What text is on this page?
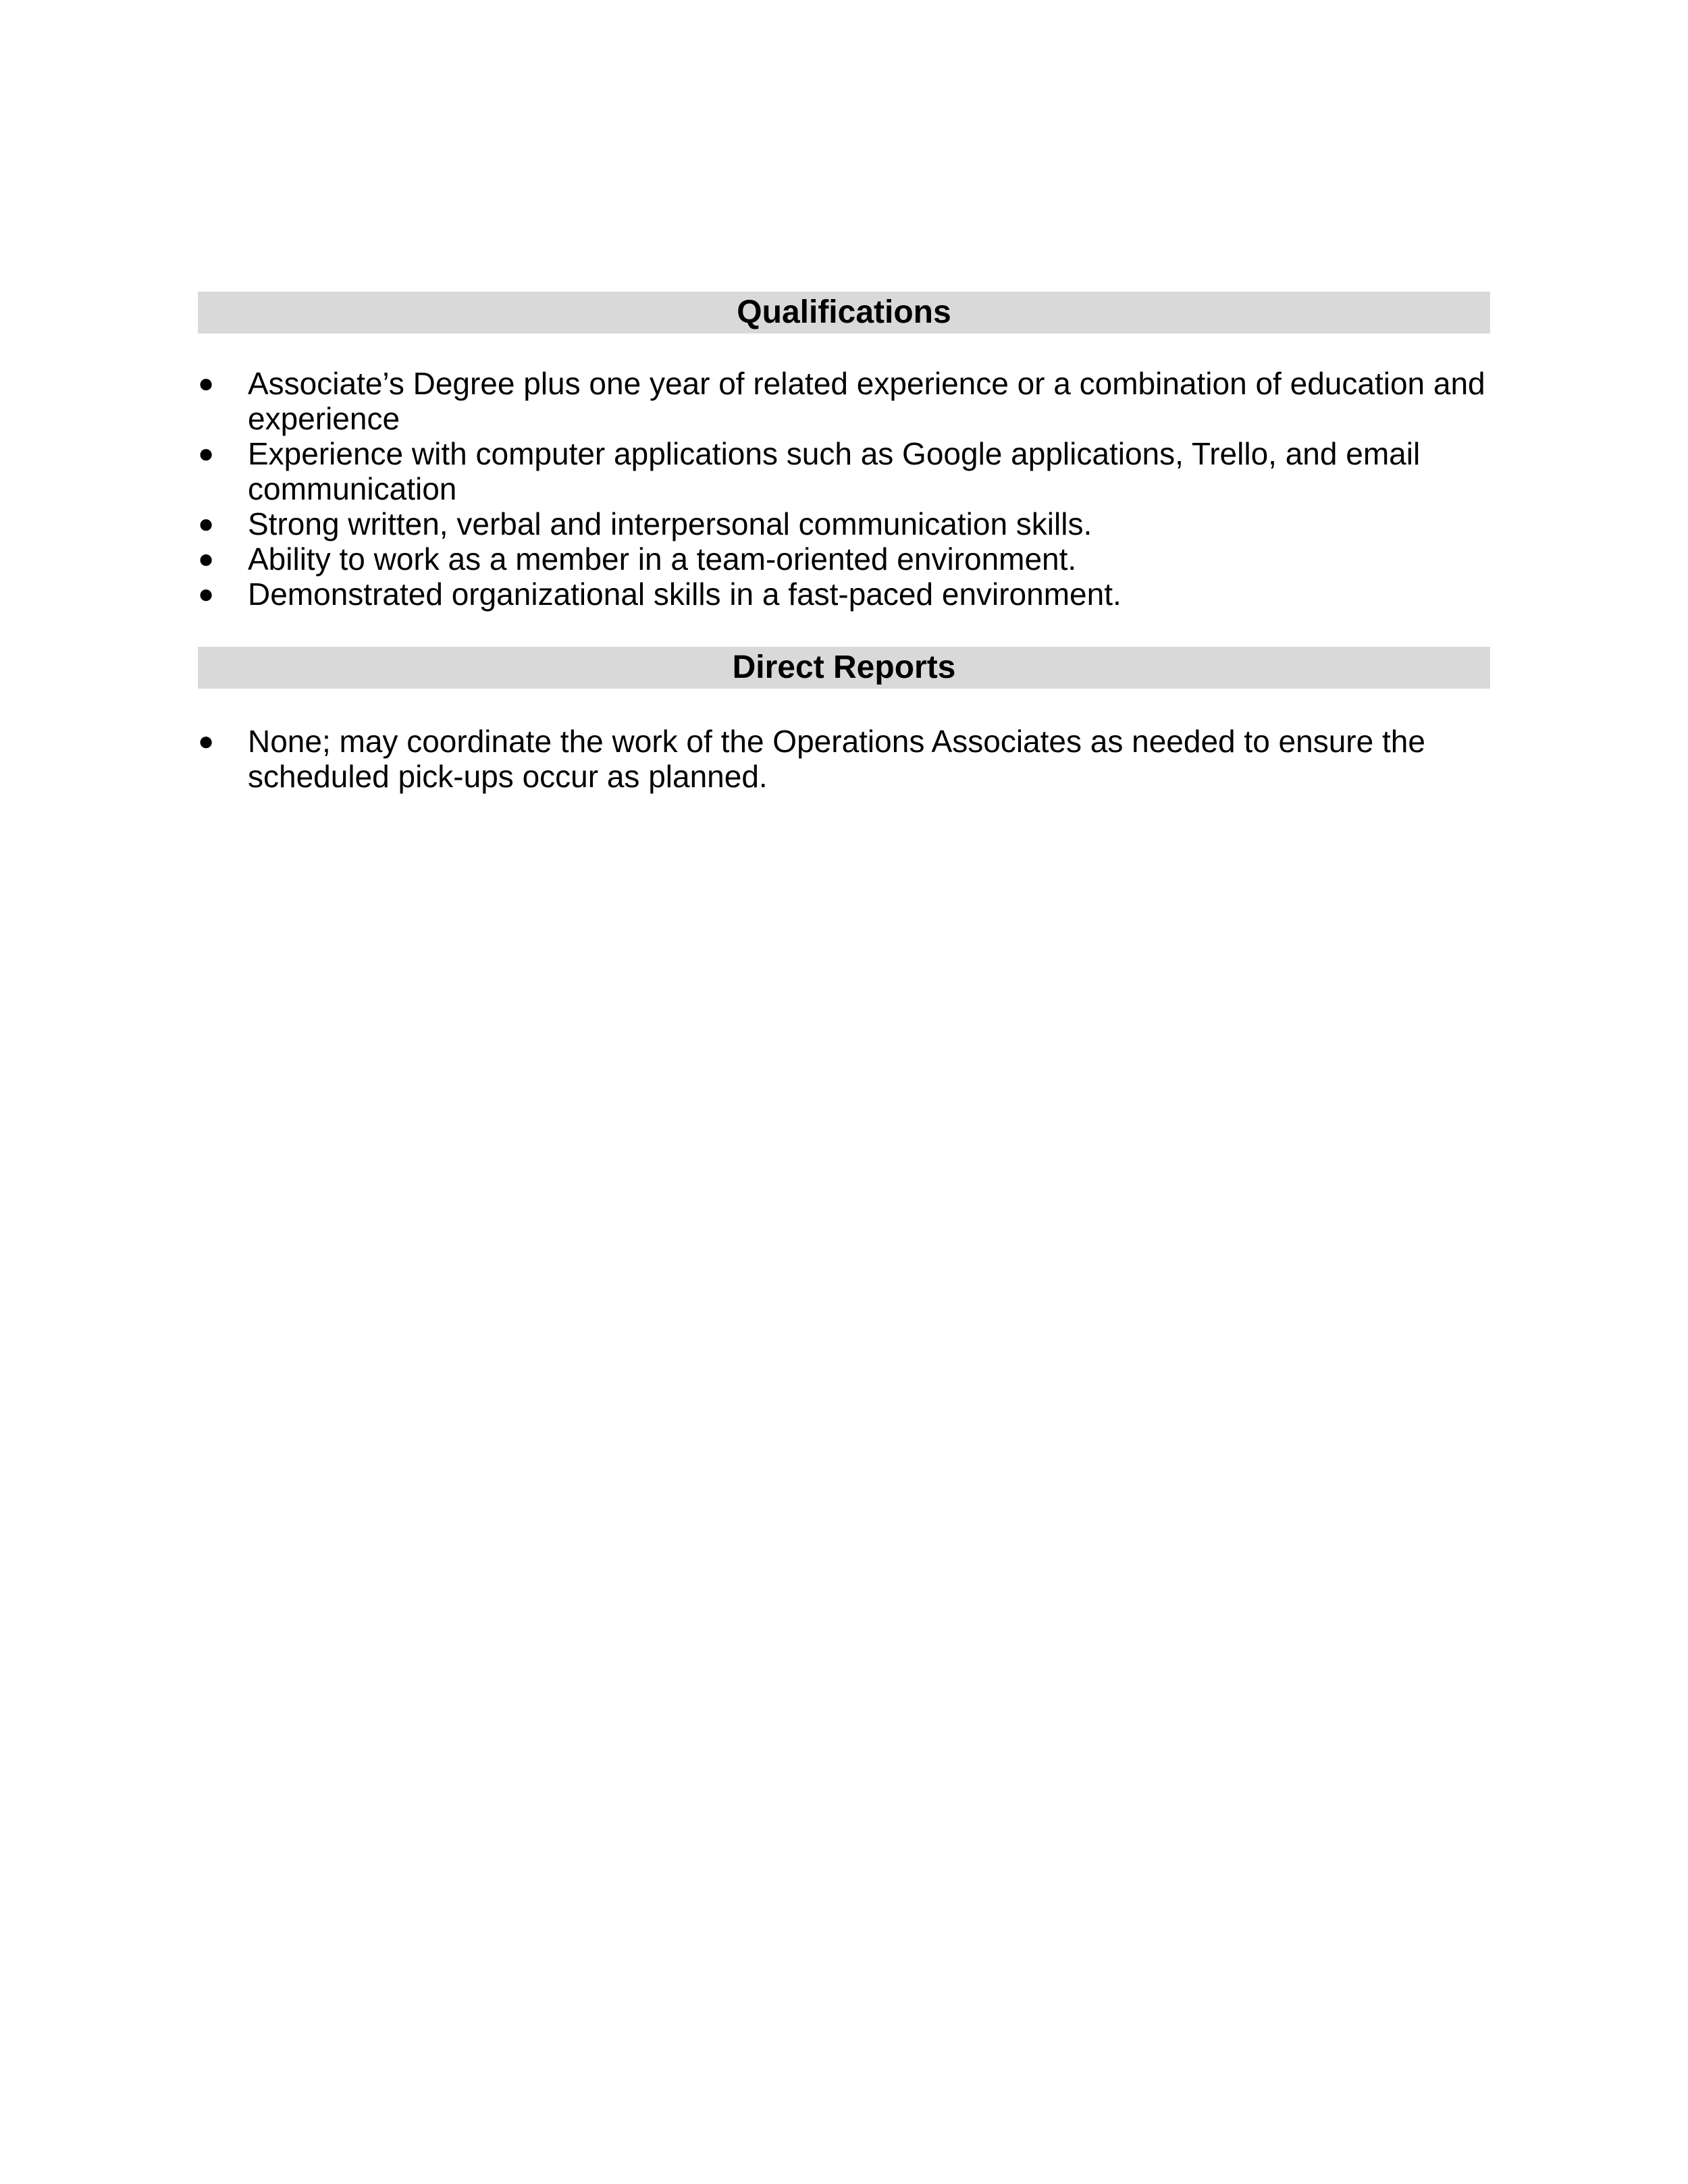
Qualifications
●	Associate’s Degree plus one year of related experience or a combination of education and experience
●	Experience with computer applications such as Google applications, Trello, and email communication
●	Strong written, verbal and interpersonal communication skills.
●	Ability to work as a member in a team-oriented environment.
●	Demonstrated organizational skills in a fast-paced environment.
Direct Reports
●	None; may coordinate the work of the Operations Associates as needed to ensure the scheduled pick-ups occur as planned.
